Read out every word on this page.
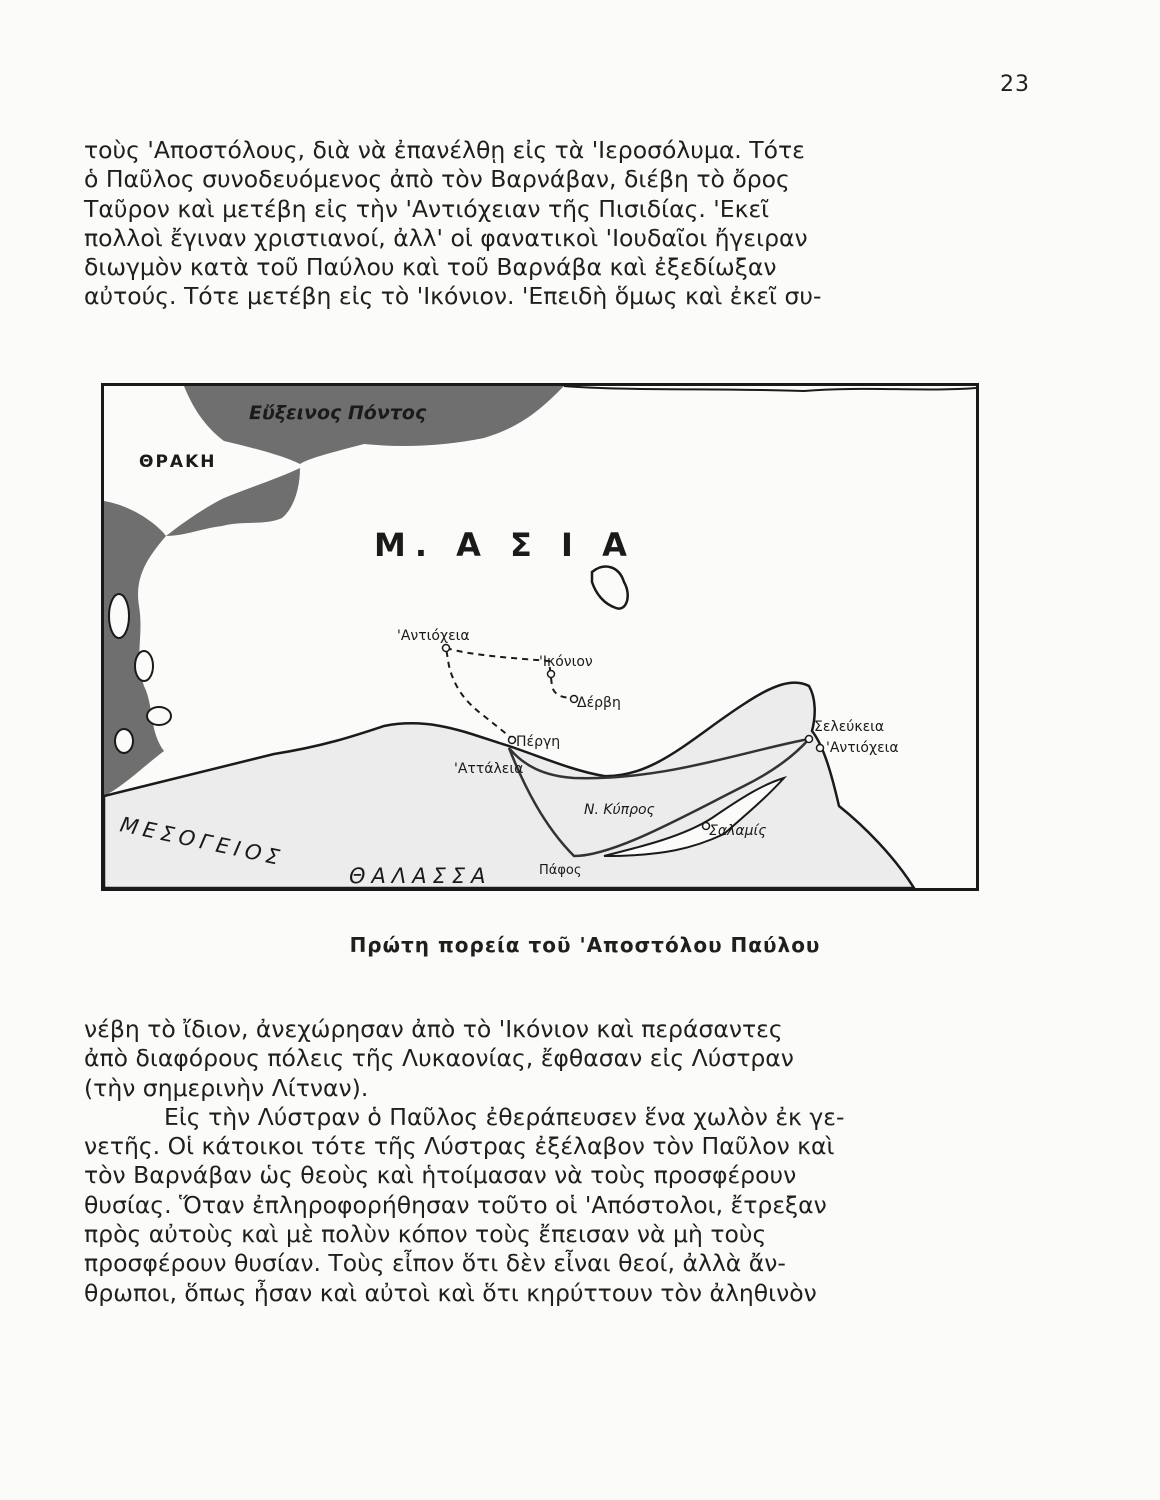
23

τοὺς 'Αποστόλους, διὰ νὰ ἐπανέλθῃ εἰς τὰ 'Ιεροσόλυμα. Τότε
ὁ Παῦλος συνοδευόμενος ἀπὸ τὸν Βαρνάβαν, διέβη τὸ ὄρος
Ταῦρον καὶ μετέβη εἰς τὴν 'Αντιόχειαν τῆς Πισιδίας. 'Εκεῖ
πολλοὶ ἔγιναν χριστιανοί, ἀλλ' οἱ φανατικοὶ 'Ιουδαῖοι ἤγειραν
διωγμὸν κατὰ τοῦ Παύλου καὶ τοῦ Βαρνάβα καὶ ἐξεδίωξαν
αὐτούς. Τότε μετέβη εἰς τὸ 'Ικόνιον. 'Επειδὴ ὅμως καὶ ἐκεῖ συ-

Εὔξεινος Πόντος
ΘΡΑΚΗ
Μ. Α Σ Ι Α
'Αντιόχεια
'Ικόνιον
Δέρβη
Πέργη
'Αττάλεια
Σελεύκεια
'Αντιόχεια
Ν. Κύπρος
Σαλαμίς
Πάφος
ΜΕΣΟΓΕΙΟΣ
ΘΑΛΑΣΣΑ
Πρώτη πορεία τοῦ 'Αποστόλου Παύλου

νέβη τὸ ἴδιον, ἀνεχώρησαν ἀπὸ τὸ 'Ικόνιον καὶ περάσαντες
ἀπὸ διαφόρους πόλεις τῆς Λυκαονίας, ἔφθασαν εἰς Λύστραν
(τὴν σημερινὴν Λίτναν).
Εἰς τὴν Λύστραν ὁ Παῦλος ἐθεράπευσεν ἕνα χωλὸν ἐκ γε-
νετῆς. Οἱ κάτοικοι τότε τῆς Λύστρας ἐξέλαβον τὸν Παῦλον καὶ
τὸν Βαρνάβαν ὡς θεοὺς καὶ ἡτοίμασαν νὰ τοὺς προσφέρουν
θυσίας. Ὅταν ἐπληροφορήθησαν τοῦτο οἱ 'Απόστολοι, ἔτρεξαν
πρὸς αὐτοὺς καὶ μὲ πολὺν κόπον τοὺς ἔπεισαν νὰ μὴ τοὺς
προσφέρουν θυσίαν. Τοὺς εἶπον ὅτι δὲν εἶναι θεοί, ἀλλὰ ἄν-
θρωποι, ὅπως ἦσαν καὶ αὐτοὶ καὶ ὅτι κηρύττουν τὸν ἀληθινὸν
